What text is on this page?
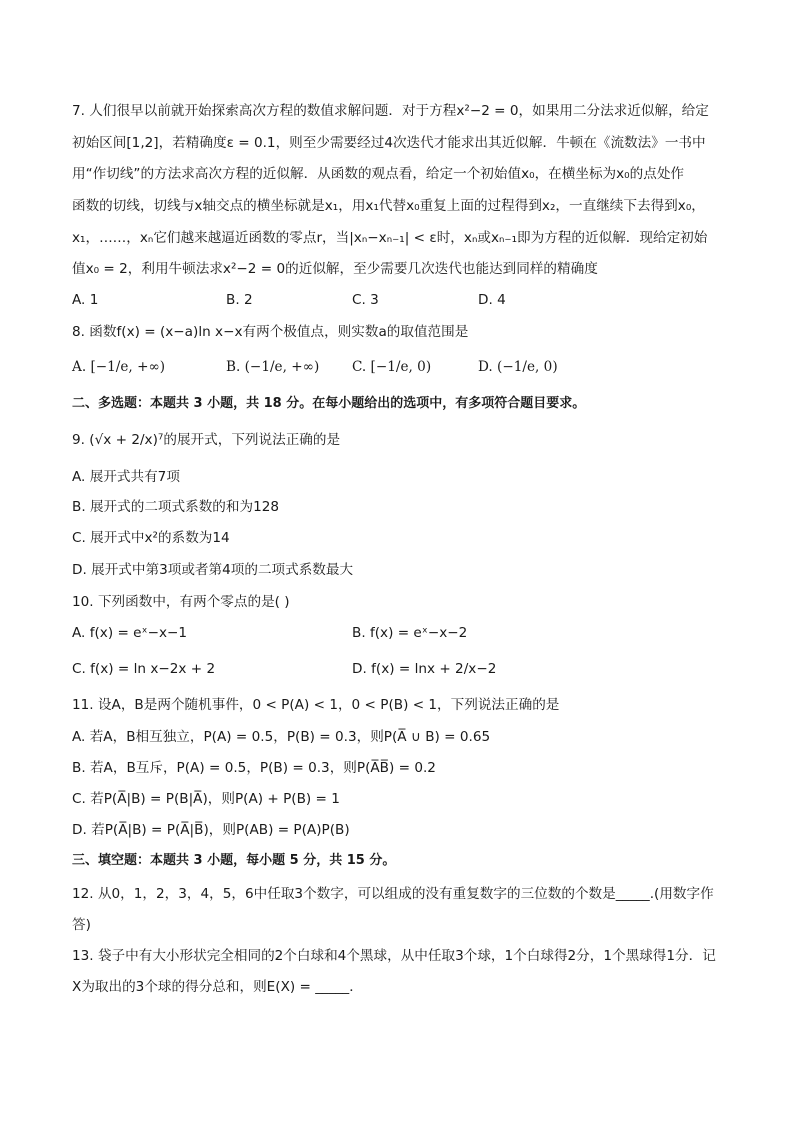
7. 人们很早以前就开始探索高次方程的数值求解问题．对于方程x²−2 = 0，如果用二分法求近似解，给定
初始区间[1,2]，若精确度ε = 0.1，则至少需要经过4次迭代才能求出其近似解．牛顿在《流数法》一书中
用“作切线”的方法求高次方程的近似解．从函数的观点看，给定一个初始值x₀，在横坐标为x₀的点处作
函数的切线，切线与x轴交点的横坐标就是x₁，用x₁代替x₀重复上面的过程得到x₂，一直继续下去得到x₀，
x₁，……，xₙ它们越来越逼近函数的零点r，当|xₙ−xₙ₋₁| < ε时，xₙ或xₙ₋₁即为方程的近似解．现给定初始
值x₀ = 2，利用牛顿法求x²−2 = 0的近似解，至少需要几次迭代也能达到同样的精确度
A. 1	B. 2	C. 3	D. 4
8. 函数f(x) = (x−a)ln x−x有两个极值点，则实数a的取值范围是
A. [−1/e, +∞)	B. (−1/e, +∞) C. [−1/e, 0)	D. (−1/e, 0)
二、多选题：本题共 3 小题，共 18 分。在每小题给出的选项中，有多项符合题目要求。
9. (√x + 2/x)⁷的展开式，下列说法正确的是
A. 展开式共有7项
B. 展开式的二项式系数的和为128
C. 展开式中x²的系数为14
D. 展开式中第3项或者第4项的二项式系数最大
10. 下列函数中，有两个零点的是( )
A. f(x) = eˣ−x−1	B. f(x) = eˣ−x−2
C. f(x) = ln x−2x + 2	D. f(x) = lnx + 2/x−2
11. 设A，B是两个随机事件，0 < P(A) < 1，0 < P(B) < 1，下列说法正确的是
A. 若A，B相互独立，P(A) = 0.5，P(B) = 0.3，则P(A̅ ∪ B) = 0.65
B. 若A，B互斥，P(A) = 0.5，P(B) = 0.3，则P(A̅B̅) = 0.2
C. 若P(A̅|B) = P(B|A̅)，则P(A) + P(B) = 1
D. 若P(A̅|B) = P(A̅|B̅)，则P(AB) = P(A)P(B)
三、填空题：本题共 3 小题，每小题 5 分，共 15 分。
12. 从0，1，2，3，4，5，6中任取3个数字，可以组成的没有重复数字的三位数的个数是_____.(用数字作
答)
13. 袋子中有大小形状完全相同的2个白球和4个黑球，从中任取3个球，1个白球得2分，1个黑球得1分．记
X为取出的3个球的得分总和，则E(X) = _____．
